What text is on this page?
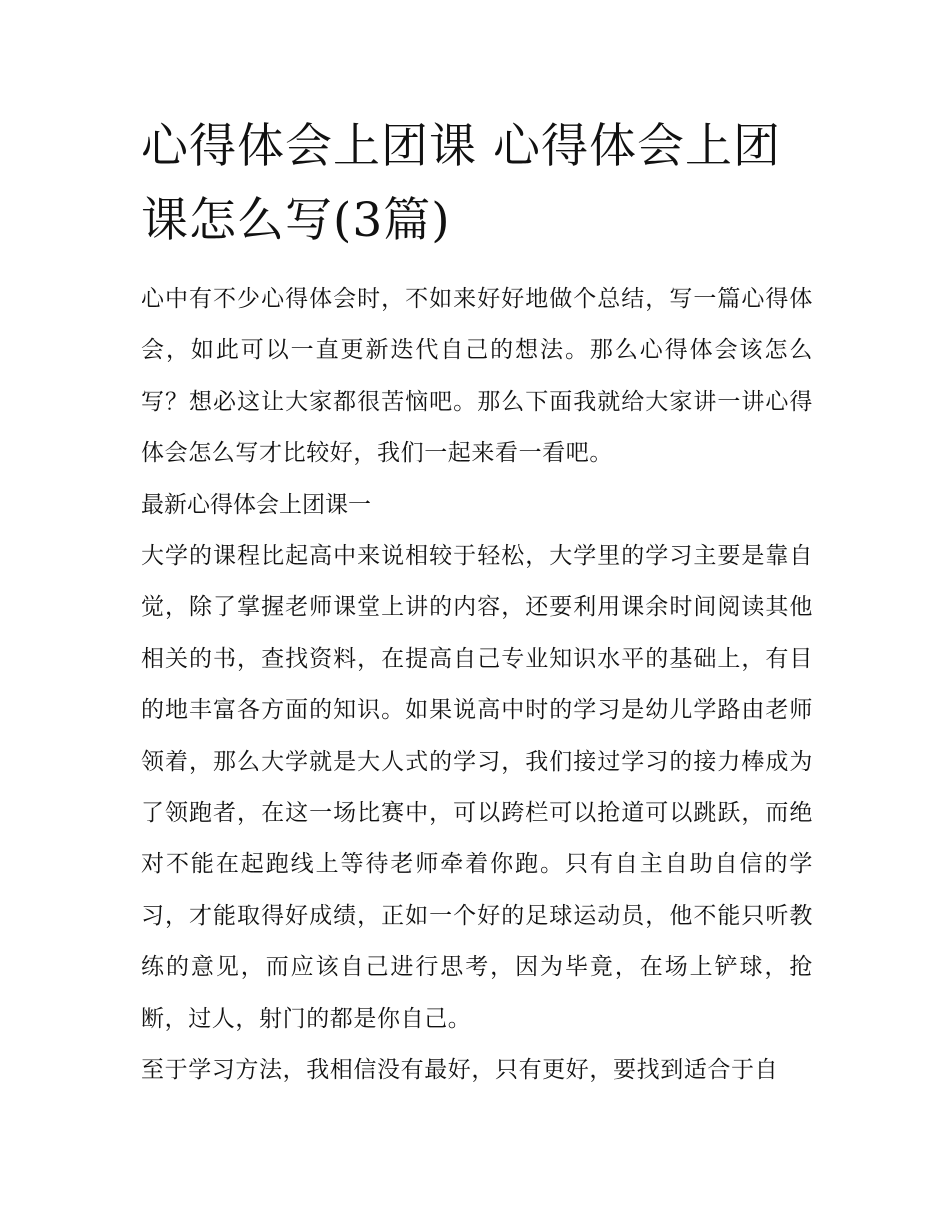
心得体会上团课 心得体会上团课怎么写(3篇)

心中有不少心得体会时，不如来好好地做个总结，写一篇心得体会，如此可以一直更新迭代自己的想法。那么心得体会该怎么写？想必这让大家都很苦恼吧。那么下面我就给大家讲一讲心得体会怎么写才比较好，我们一起来看一看吧。

最新心得体会上团课一

大学的课程比起高中来说相较于轻松，大学里的学习主要是靠自觉，除了掌握老师课堂上讲的内容，还要利用课余时间阅读其他相关的书，查找资料，在提高自己专业知识水平的基础上，有目的地丰富各方面的知识。如果说高中时的学习是幼儿学路由老师领着，那么大学就是大人式的学习，我们接过学习的接力棒成为了领跑者，在这一场比赛中，可以跨栏可以抢道可以跳跃，而绝对不能在起跑线上等待老师牵着你跑。只有自主自助自信的学习，才能取得好成绩，正如一个好的足球运动员，他不能只听教练的意见，而应该自己进行思考，因为毕竟，在场上铲球，抢断，过人，射门的都是你自己。

至于学习方法，我相信没有最好，只有更好，要找到适合于自
